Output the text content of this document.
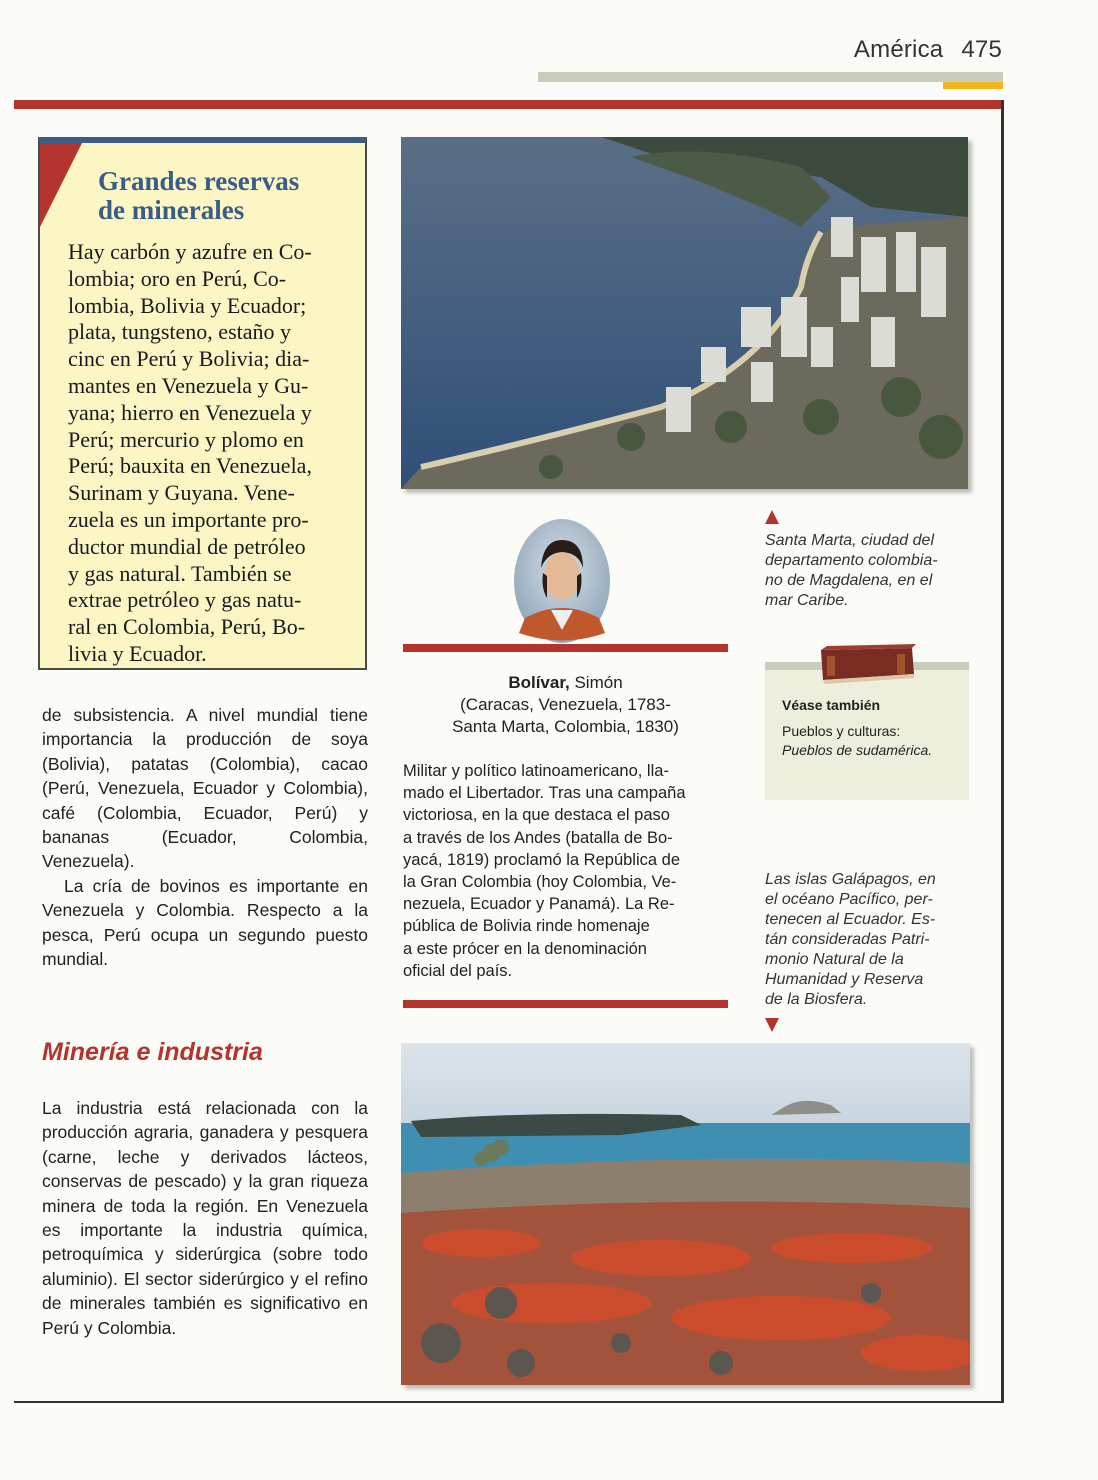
América 475
Grandes reservas
de minerales
Hay carbón y azufre en Co-
lombia; oro en Perú, Co-
lombia, Bolivia y Ecuador;
plata, tungsteno, estaño y
cinc en Perú y Bolivia; dia-
mantes en Venezuela y Gu-
yana; hierro en Venezuela y
Perú; mercurio y plomo en
Perú; bauxita en Venezuela,
Surinam y Guyana. Vene-
zuela es un importante pro-
ductor mundial de petróleo
y gas natural. También se
extrae petróleo y gas natu-
ral en Colombia, Perú, Bo-
livia y Ecuador.

de subsistencia. A nivel mundial tiene importancia la producción de soya (Bolivia), patatas (Colombia), cacao (Perú, Venezuela, Ecuador y Colombia), café (Colombia, Ecuador, Perú) y bananas (Ecuador, Colombia, Venezuela).

La cría de bovinos es importante en Venezuela y Colombia. Respecto a la pesca, Perú ocupa un segundo puesto mundial.

Minería e industria

La industria está relacionada con la producción agraria, ganadera y pesquera (carne, leche y derivados lácteos, conservas de pescado) y la gran riqueza minera de toda la región. En Venezuela es importante la industria química, petroquímica y siderúrgica (sobre todo aluminio). El sector siderúrgico y el refino de minerales también es significativo en Perú y Colombia.

Santa Marta, ciudad del
departamento colombia-
no de Magdalena, en el
mar Caribe.
Bolívar, Simón
(Caracas, Venezuela, 1783-
Santa Marta, Colombia, 1830)
Militar y político latinoamericano, lla-
mado el Libertador. Tras una campaña
victoriosa, en la que destaca el paso
a través de los Andes (batalla de Bo-
yacá, 1819) proclamó la República de
la Gran Colombia (hoy Colombia, Ve-
nezuela, Ecuador y Panamá). La Re-
pública de Bolivia rinde homenaje
a este prócer en la denominación
oficial del país.
Véase también
Pueblos y culturas:
Pueblos de sudamérica.
Las islas Galápagos, en
el océano Pacífico, per-
tenecen al Ecuador. Es-
tán consideradas Patri-
monio Natural de la
Humanidad y Reserva
de la Biosfera.
